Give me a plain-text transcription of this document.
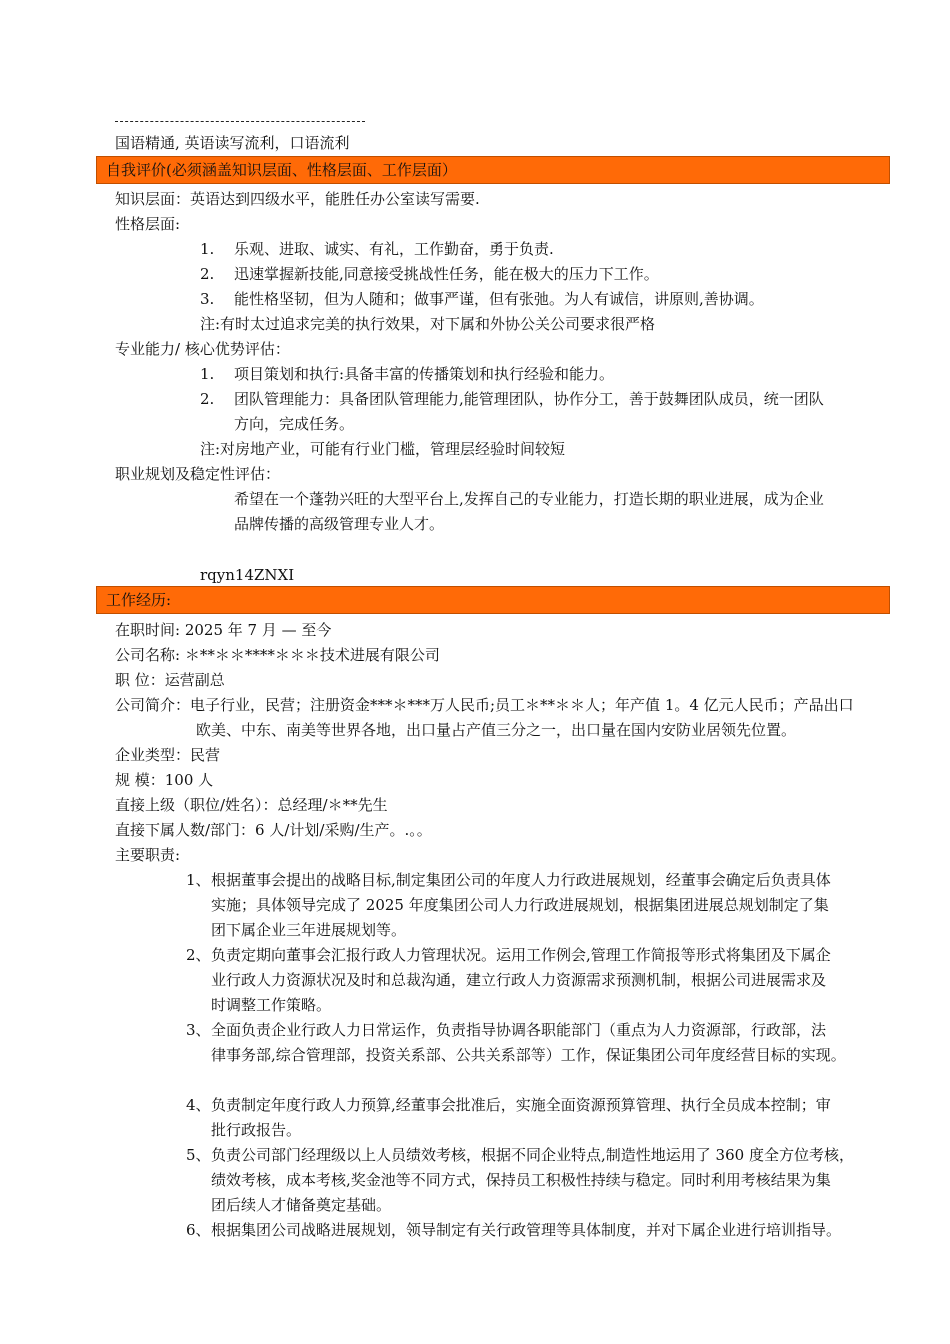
国语精通, 英语读写流利，口语流利
自我评价(必须涵盖知识层面、性格层面、工作层面）
知识层面：英语达到四级水平，能胜任办公室读写需要.
性格层面:
1. 乐观、进取、诚实、有礼，工作勤奋，勇于负责.
2. 迅速掌握新技能,同意接受挑战性任务，能在极大的压力下工作。
3. 能性格坚韧，但为人随和；做事严谨，但有张弛。为人有诚信，讲原则,善协调。
注:有时太过追求完美的执行效果，对下属和外协公关公司要求很严格
专业能力/ 核心优势评估：
1. 项目策划和执行:具备丰富的传播策划和执行经验和能力。
2. 团队管理能力：具备团队管理能力,能管理团队，协作分工，善于鼓舞团队成员，统一团队
方向，完成任务。
注:对房地产业，可能有行业门槛，管理层经验时间较短
职业规划及稳定性评估：
希望在一个蓬勃兴旺的大型平台上,发挥自己的专业能力，打造长期的职业进展，成为企业
品牌传播的高级管理专业人才。
rqyn14ZNXI
工作经历:
在职时间: 2025 年 7 月 — 至今
公司名称: ＊**＊＊****＊＊＊技术进展有限公司
职 位：运营副总
公司简介：电子行业，民营；注册资金***＊***万人民币;员工＊**＊＊人；年产值 1。4 亿元人民币；产品出口
欧美、中东、南美等世界各地，出口量占产值三分之一，出口量在国内安防业居领先位置。
企业类型：民营
规 模：100 人
直接上级（职位/姓名）：总经理/＊**先生
直接下属人数/部门：6 人/计划/采购/生产。.。。
主要职责:
1、 根据董事会提出的战略目标,制定集团公司的年度人力行政进展规划，经董事会确定后负责具体
实施；具体领导完成了 2025 年度集团公司人力行政进展规划，根据集团进展总规划制定了集
团下属企业三年进展规划等。
2、 负责定期向董事会汇报行政人力管理状况。运用工作例会,管理工作简报等形式将集团及下属企
业行政人力资源状况及时和总裁沟通，建立行政人力资源需求预测机制，根据公司进展需求及
时调整工作策略。
3、 全面负责企业行政人力日常运作，负责指导协调各职能部门（重点为人力资源部，行政部，法
律事务部,综合管理部，投资关系部、公共关系部等）工作，保证集团公司年度经营目标的实现。
4、 负责制定年度行政人力预算,经董事会批准后，实施全面资源预算管理、执行全员成本控制；审
批行政报告。
5、 负责公司部门经理级以上人员绩效考核，根据不同企业特点,制造性地运用了 360 度全方位考核，
绩效考核，成本考核,奖金池等不同方式，保持员工积极性持续与稳定。同时利用考核结果为集
团后续人才储备奠定基础。
6、 根据集团公司战略进展规划，领导制定有关行政管理等具体制度，并对下属企业进行培训指导。
